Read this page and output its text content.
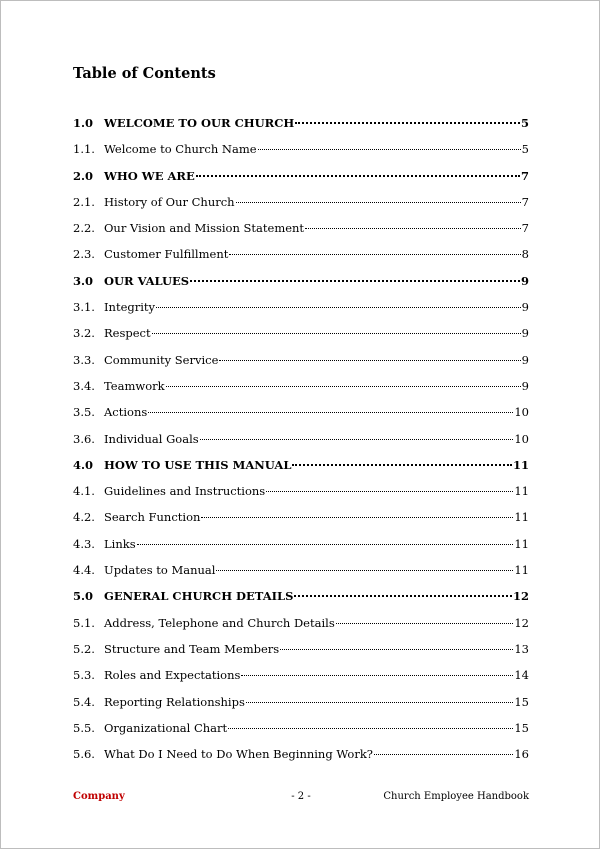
Table of Contents
1.0 WELCOME TO OUR CHURCH	5
1.1. Welcome to Church Name	5
2.0 WHO WE ARE	7
2.1. History of Our Church	7
2.2. Our Vision and Mission Statement	7
2.3. Customer Fulfillment	8
3.0 OUR VALUES	9
3.1. Integrity	9
3.2. Respect	9
3.3. Community Service	9
3.4. Teamwork	9
3.5. Actions	10
3.6. Individual Goals	10
4.0 HOW TO USE THIS MANUAL	11
4.1. Guidelines and Instructions	11
4.2. Search Function	11
4.3. Links	11
4.4. Updates to Manual	11
5.0 GENERAL CHURCH DETAILS	12
5.1. Address, Telephone and Church Details	12
5.2. Structure and Team Members	13
5.3. Roles and Expectations	14
5.4. Reporting Relationships	15
5.5. Organizational Chart	15
5.6. What Do I Need to Do When Beginning Work?	16
Company	- 2 -	Church Employee Handbook
